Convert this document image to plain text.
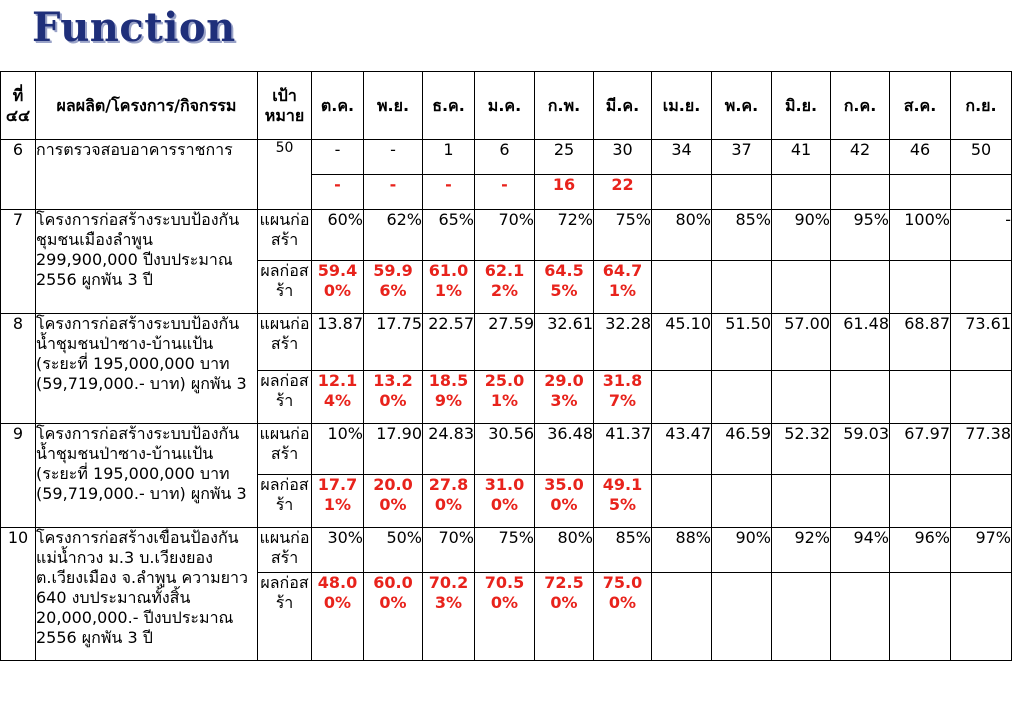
Function
ที่ ๔๔	ผลผลิต/โครงการ/กิจกรรม	เป้าหมาย	ต.ค.	พ.ย.	ธ.ค.	ม.ค.	ก.พ.	มี.ค.	เม.ย.	พ.ค.	มิ.ย.	ก.ค.	ส.ค.	ก.ย.
6	การตรวจสอบอาคารราชการ	50	-	-	1	6	25	30	34	37	41	42	46	50
			-	-	-	-	16	22						
7	โครงการก่อสร้างระบบป้องกันชุมชนเมืองลำพูน 299,900,000 ปีงบประมาณ 2556 ผูกพัน 3 ปี	แผนก่อสร้า	60%	62%	65%	70%	72%	75%	80%	85%	90%	95%	100%	-
		ผลก่อสร้า	59.40%	59.96%	61.01%	62.12%	64.55%	64.71%						
8	โครงการก่อสร้างระบบป้องกันน้ำชุมชนป่าซาง-บ้านแป้น (ระยะที่ 195,000,000 บาท (59,719,000.- บาท) ผูกพัน 3	แผนก่อสร้า	13.87	17.75	22.57	27.59	32.61	32.28	45.10	51.50	57.00	61.48	68.87	73.61
		ผลก่อสร้า	12.14%	13.20%	18.59%	25.01%	29.03%	31.87%						
9	โครงการก่อสร้างระบบป้องกันน้ำชุมชนป่าซาง-บ้านแป้น (ระยะที่ 195,000,000 บาท (59,719,000.- บาท) ผูกพัน 3	แผนก่อสร้า	10%	17.90	24.83	30.56	36.48	41.37	43.47	46.59	52.32	59.03	67.97	77.38
		ผลก่อสร้า	17.71%	20.00%	27.80%	31.00%	35.00%	49.15%						
10	โครงการก่อสร้างเขื่อนป้องกันแม่น้ำกวง ม.3 บ.เวียงยอง ต.เวียงเมือง จ.ลำพูน ความยาว 640 งบประมาณทั้งสิ้น 20,000,000.- ปีงบประมาณ 2556 ผูกพัน 3 ปี	แผนก่อสร้า	30%	50%	70%	75%	80%	85%	88%	90%	92%	94%	96%	97%
		ผลก่อสร้า	48.00%	60.00%	70.23%	70.50%	72.50%	75.00%						
